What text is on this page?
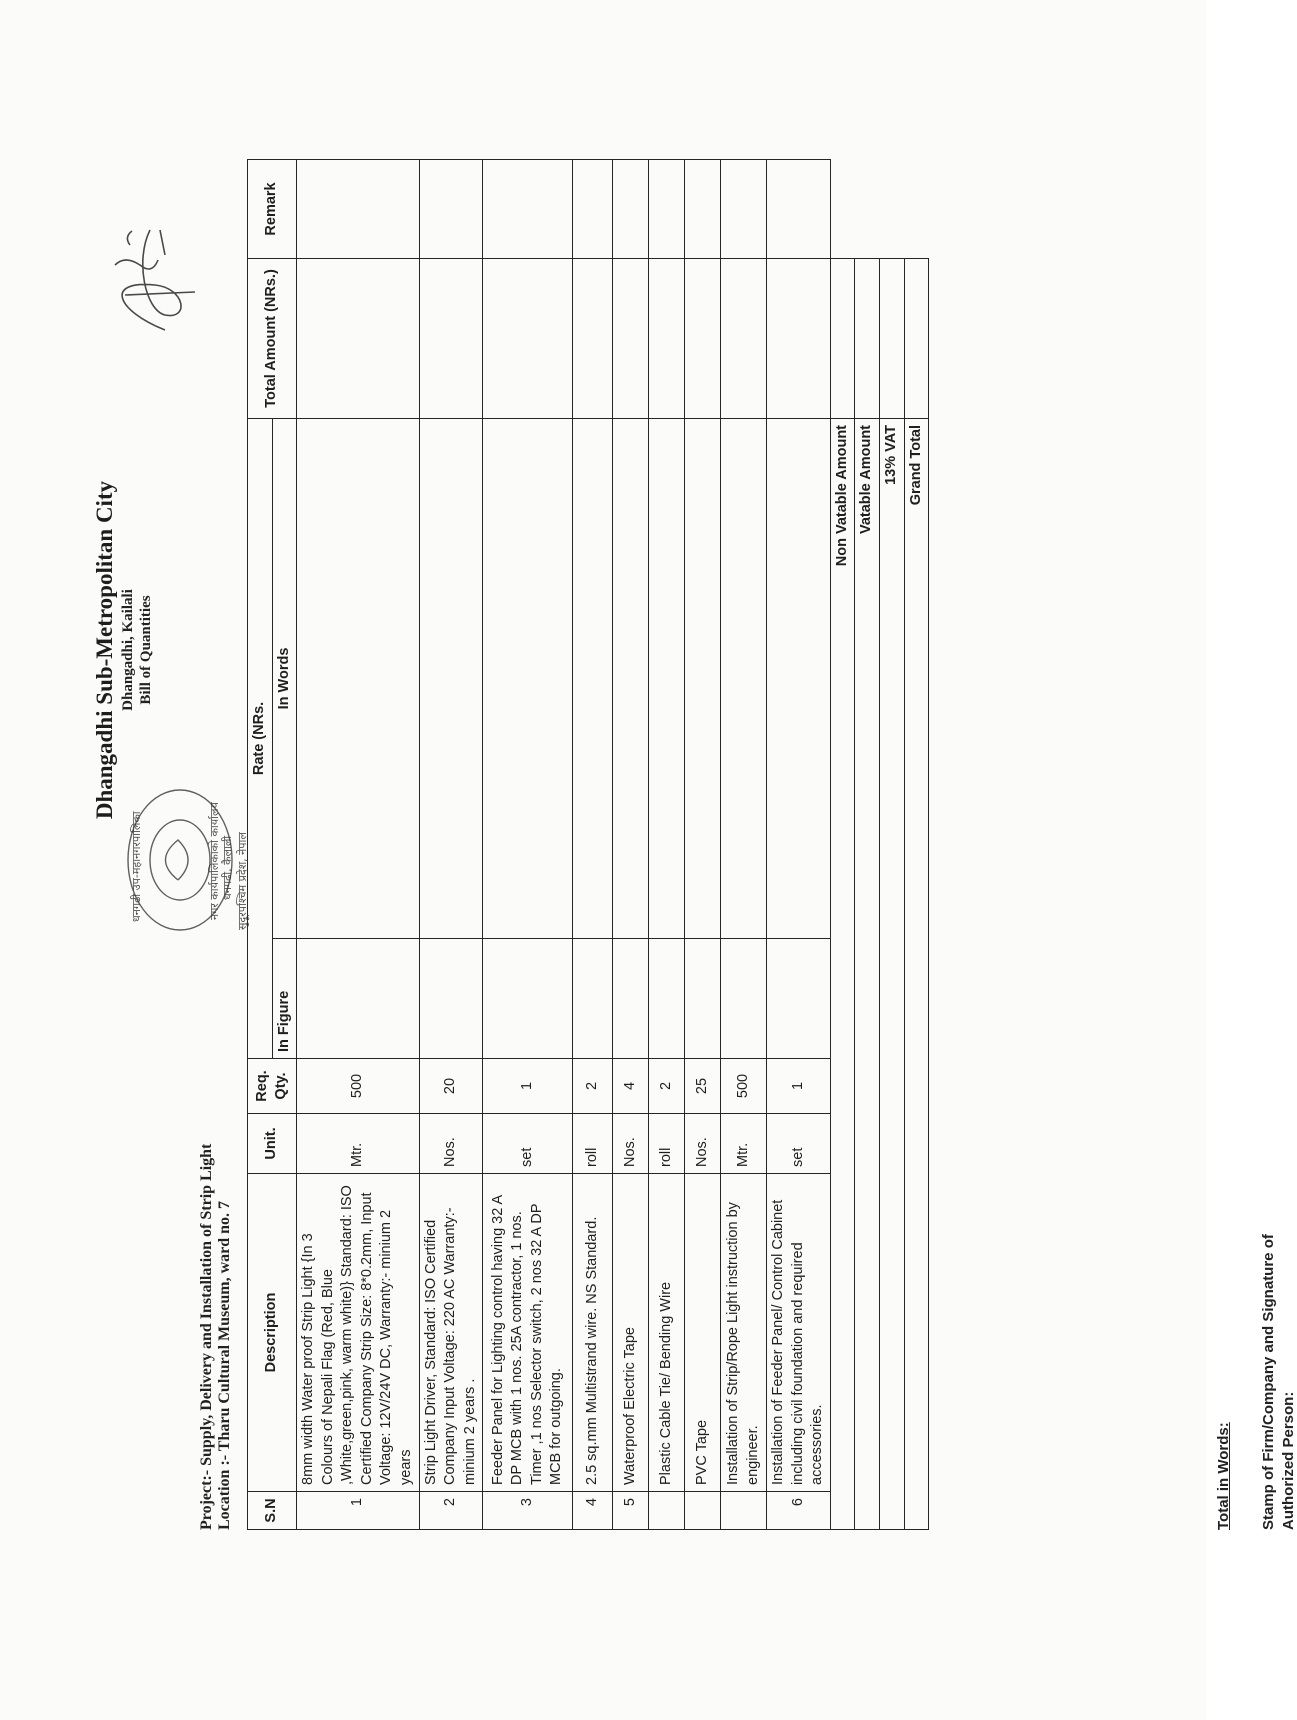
Dhangadhi Sub-Metropolitan City Dhangadhi, Kailali Bill of Quantities
धनगढी उप-महानगरपालिका	नगर कार्यपालिकाको कार्यालय धनगढी, कैलाली सुदूरपश्चिम प्रदेश, नेपाल
Project:- Supply, Delivery and Installation of Strip Light Location :- Tharu Cultural Museum, ward no. 7 S.N	Description	Unit.	Req. Qty.	Rate (NRs.		Total Amount (NRs.)	Remark
				In Figure	In Words		
1	8mm width Water proof Strip Light {In 3 Colours of Nepali Flag (Red, Blue ,White,green,pink, warm white)} Standard: ISO Certified Company Strip Size: 8*0.2mm, Input Voltage: 12V/24V DC, Warranty:- minium 2 years	Mtr.	500				
2	Strip Light Driver, Standard: ISO Certified Company Input Voltage: 220 AC Warranty:- minium 2 years .	Nos.	20				
3	Feeder Panel for Lighting control having 32 A DP MCB with 1 nos. 25A contractor, 1 nos. Timer ,1 nos Selector switch, 2 nos 32 A DP MCB for outgoing.	set	1				
4	2.5 sq.mm Multistrand wire. NS Standard.	roll	2				
5	Waterproof Electric Tape	Nos.	4				
	Plastic Cable Tie/ Bending Wire	roll	2				
	PVC Tape	Nos.	25				
	Installation of Strip/Rope Light instruction by engineer.	Mtr.	500				
6	Installation of Feeder Panel/ Control Cabinet including civil foundation and required accessories.	set	1				
Non Vatable Amount							
Vatable Amount							
13% VAT							
Grand Total							
Total in Words: Stamp of Firm/Company and Signature of Authorized Person:
